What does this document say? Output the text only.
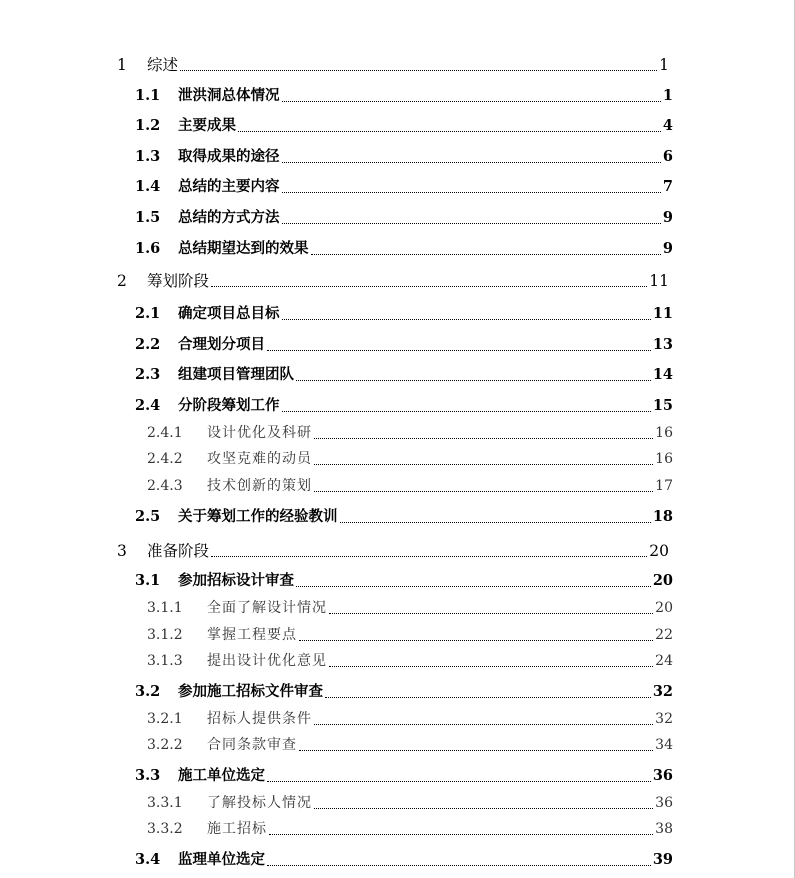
1	综述	1
1.1	泄洪洞总体情况	1
1.2	主要成果	4
1.3	取得成果的途径	6
1.4	总结的主要内容	7
1.5	总结的方式方法	9
1.6	总结期望达到的效果	9
2	筹划阶段	11
2.1	确定项目总目标	11
2.2	合理划分项目	13
2.3	组建项目管理团队	14
2.4	分阶段筹划工作	15
2.4.1	设计优化及科研	16
2.4.2	攻坚克难的动员	16
2.4.3	技术创新的策划	17
2.5	关于筹划工作的经验教训	18
3	准备阶段	20
3.1	参加招标设计审查	20
3.1.1	全面了解设计情况	20
3.1.2	掌握工程要点	22
3.1.3	提出设计优化意见	24
3.2	参加施工招标文件审查	32
3.2.1	招标人提供条件	32
3.2.2	合同条款审查	34
3.3	施工单位选定	36
3.3.1	了解投标人情况	36
3.3.2	施工招标	38
3.4	监理单位选定	39
